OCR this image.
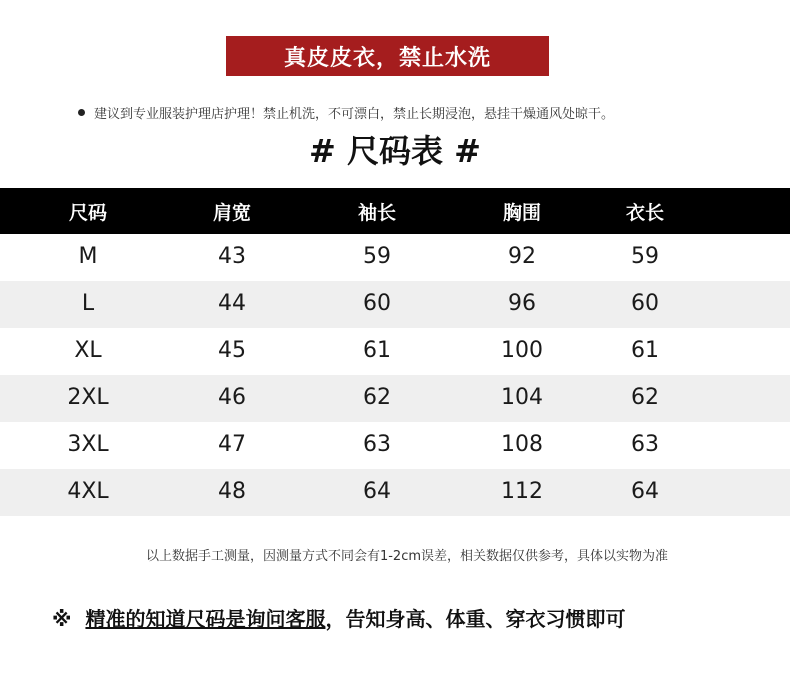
真皮皮衣，禁止水洗
建议到专业服装护理店护理！禁止机洗，不可漂白，禁止长期浸泡，悬挂干燥通风处晾干。
# 尺码表 #
尺码	肩宽	袖长	胸围	衣长
M	43	59	92	59
L	44	60	96	60
XL	45	61	100	61
2XL	46	62	104	62
3XL	47	63	108	63
4XL	48	64	112	64
以上数据手工测量，因测量方式不同会有1-2cm误差，相关数据仅供参考，具体以实物为准
※ 精准的知道尺码是询问客服，告知身高、体重、穿衣习惯即可
